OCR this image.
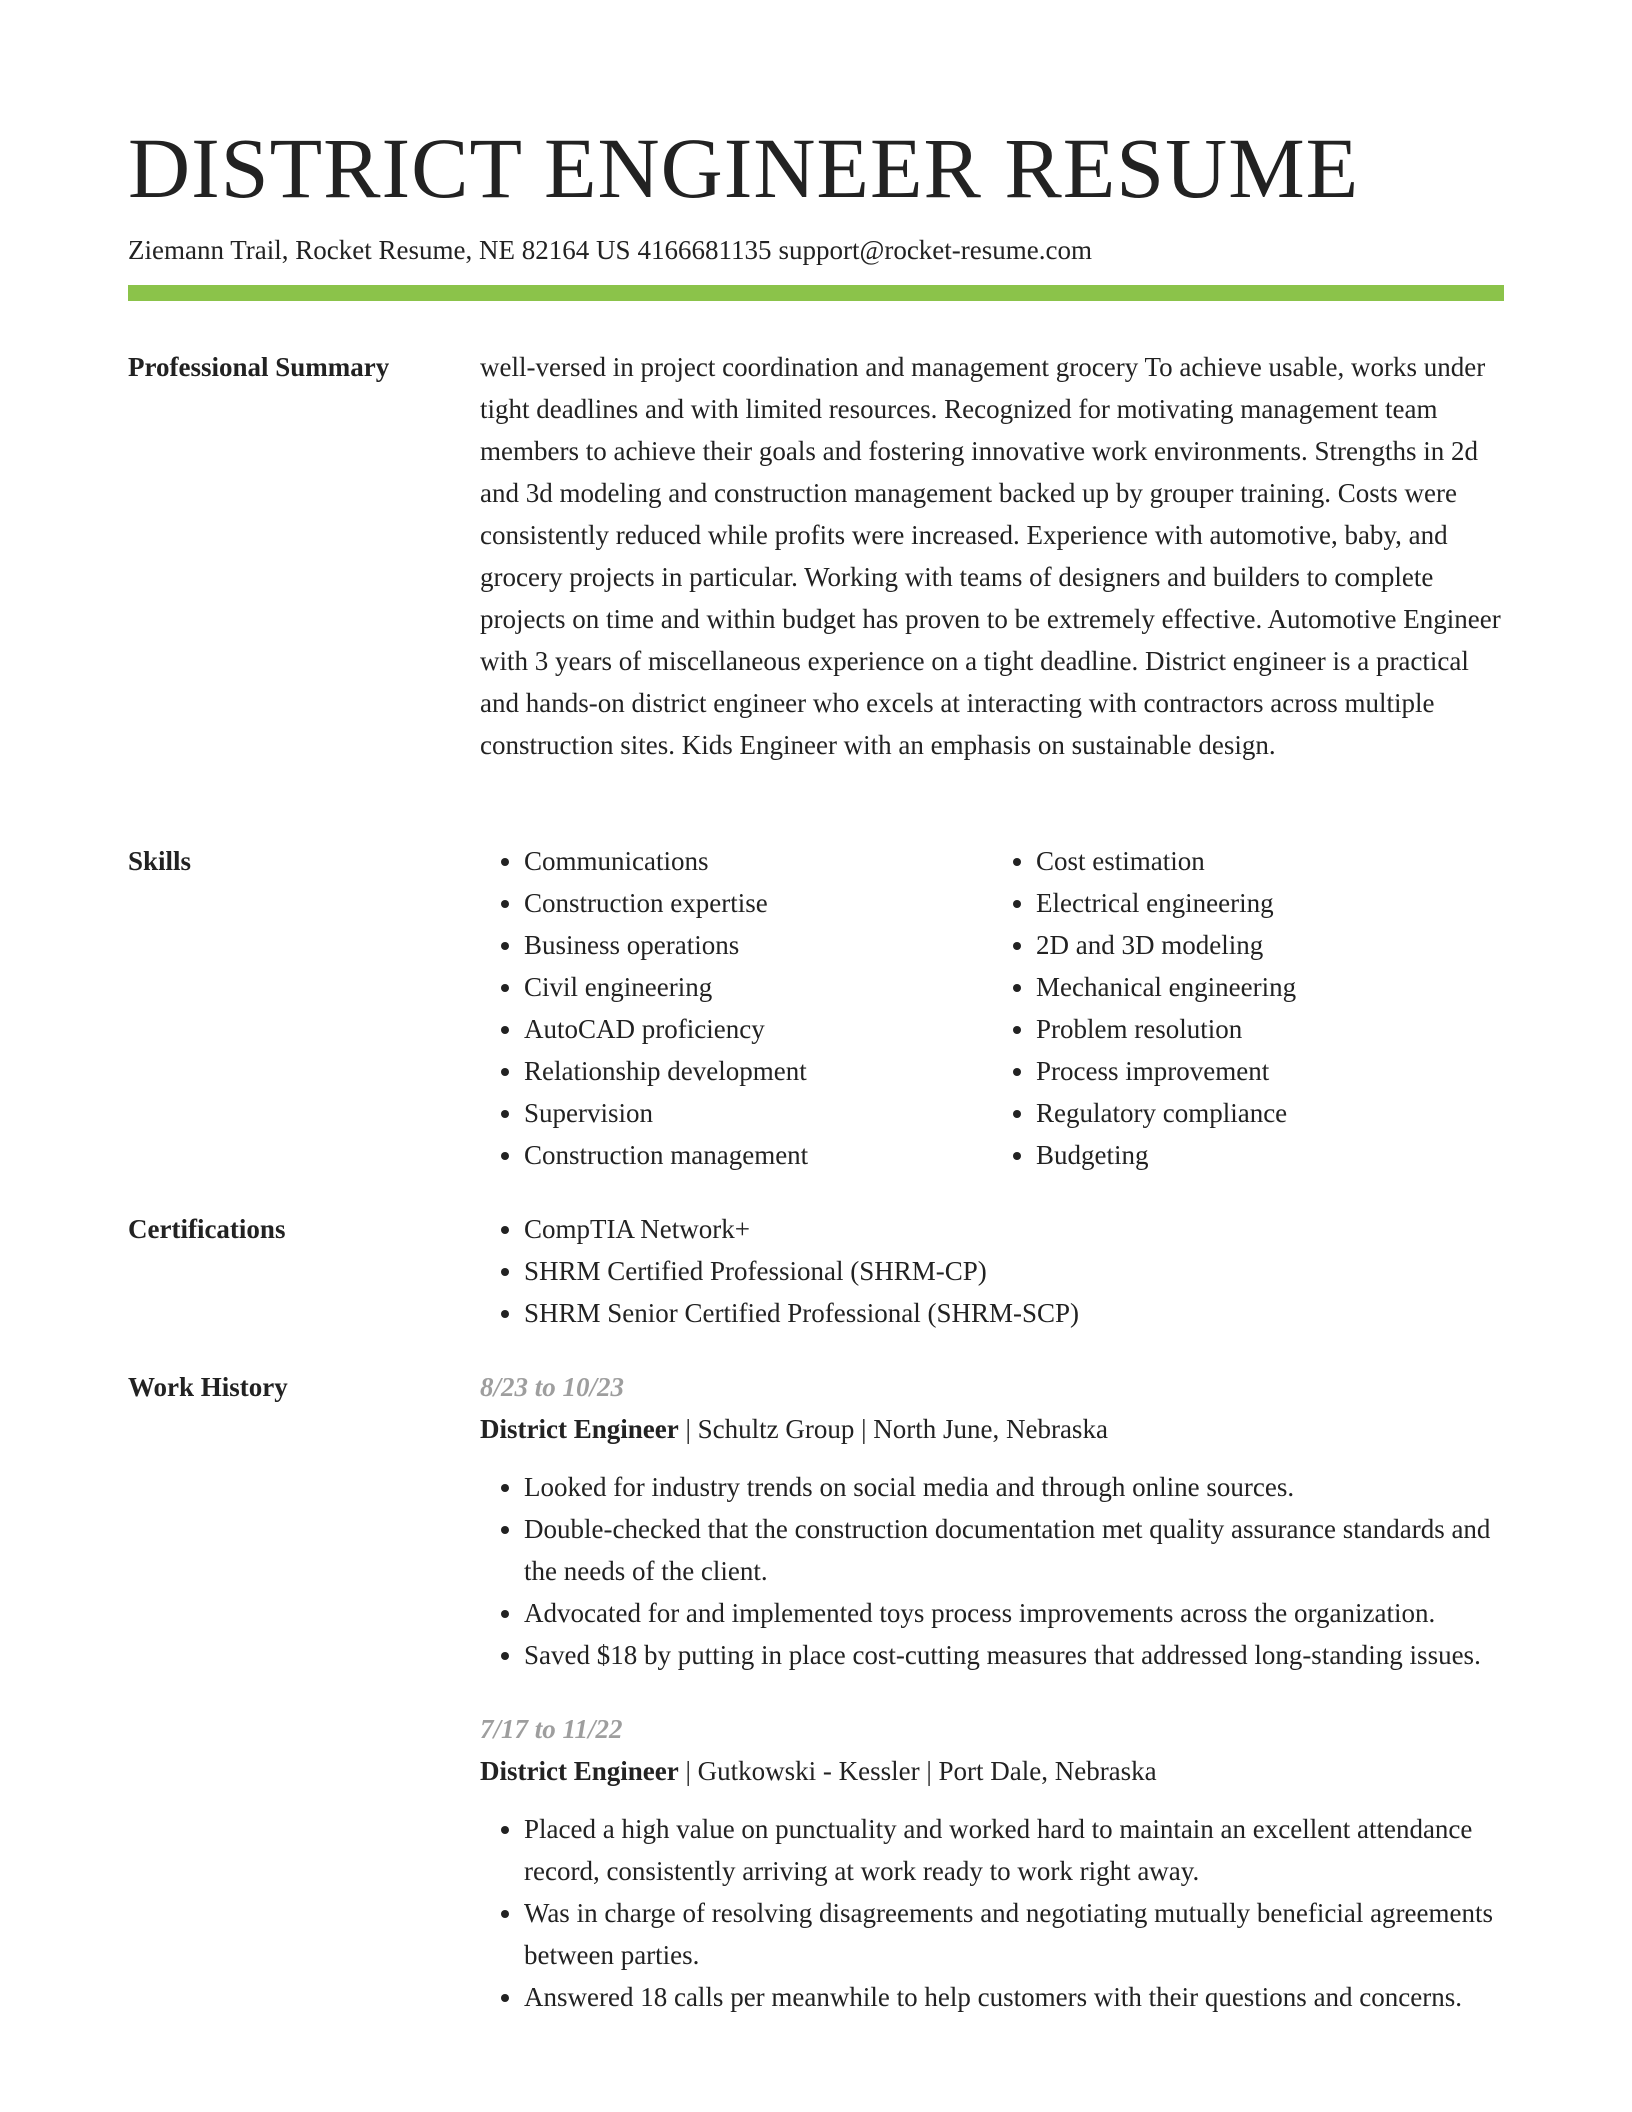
DISTRICT ENGINEER RESUME
Ziemann Trail, Rocket Resume, NE 82164 US 4166681135 support@rocket-resume.com
Professional Summary	well-versed in project coordination and management grocery To achieve usable, works under tight deadlines and with limited resources. Recognized for motivating management team members to achieve their goals and fostering innovative work environments. Strengths in 2d and 3d modeling and construction management backed up by grouper training. Costs were consistently reduced while profits were increased. Experience with automotive, baby, and grocery projects in particular. Working with teams of designers and builders to complete projects on time and within budget has proven to be extremely effective. Automotive Engineer with 3 years of miscellaneous experience on a tight deadline. District engineer is a practical and hands-on district engineer who excels at interacting with contractors across multiple construction sites. Kids Engineer with an emphasis on sustainable design.

Skills	• Communications
• Construction expertise
• Business operations
• Civil engineering
• AutoCAD proficiency
• Relationship development
• Supervision
• Construction management
• Cost estimation
• Electrical engineering
• 2D and 3D modeling
• Mechanical engineering
• Problem resolution
• Process improvement
• Regulatory compliance
• Budgeting
Certifications	• CompTIA Network+
• SHRM Certified Professional (SHRM-CP)
• SHRM Senior Certified Professional (SHRM-SCP)
Work History	8/23 to 10/23
District Engineer | Schultz Group | North June, Nebraska
• Looked for industry trends on social media and through online sources.
• Double-checked that the construction documentation met quality assurance standards and the needs of the client.
• Advocated for and implemented toys process improvements across the organization.
• Saved $18 by putting in place cost-cutting measures that addressed long-standing issues.
7/17 to 11/22
District Engineer | Gutkowski - Kessler | Port Dale, Nebraska
• Placed a high value on punctuality and worked hard to maintain an excellent attendance record, consistently arriving at work ready to work right away.
• Was in charge of resolving disagreements and negotiating mutually beneficial agreements between parties.
• Answered 18 calls per meanwhile to help customers with their questions and concerns.
